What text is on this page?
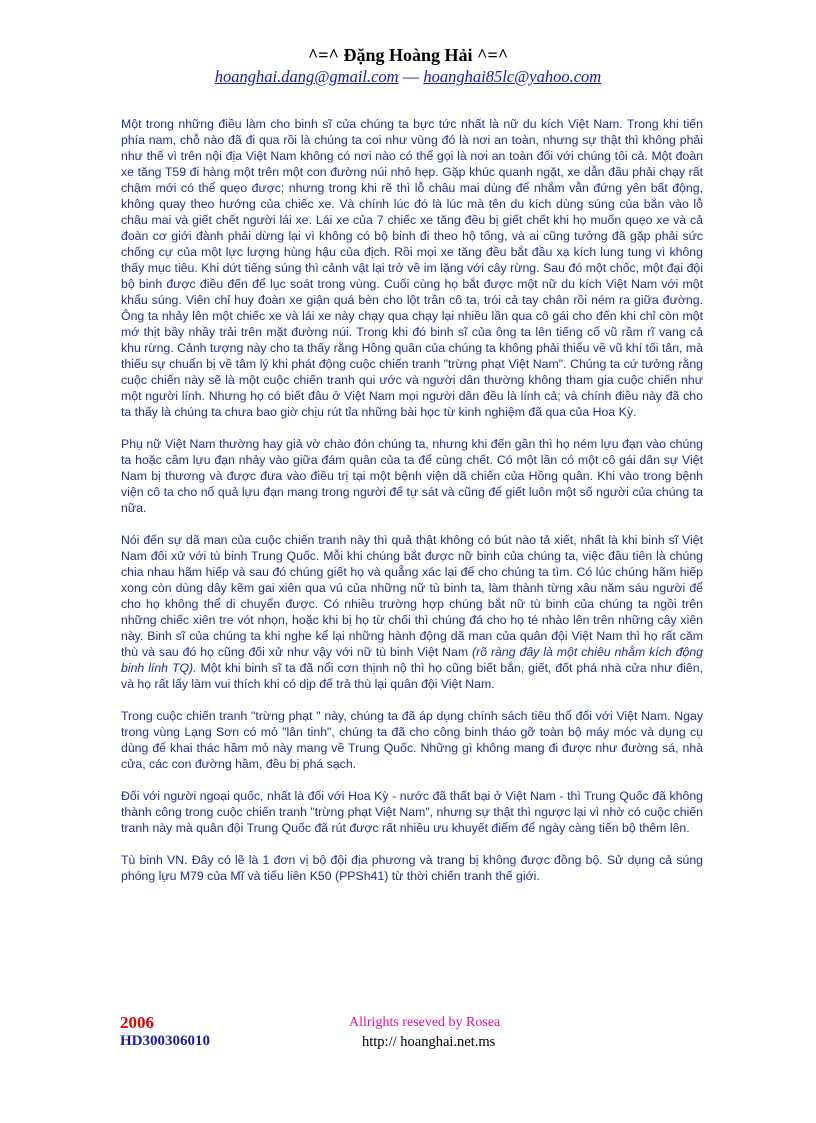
^=^ Đặng Hoàng Hải ^=^
hoanghai.dang@gmail.com — hoanghai85lc@yahoo.com

Một trong những điều làm cho binh sĩ của chúng ta bực tức nhất là nữ du kích Việt Nam. Trong khi tiến phía nam, chỗ nào đã đi qua rồi là chúng ta coi như vùng đó là nơi an toàn, nhưng sự thật thì không phải như thế vì trên nội địa Việt Nam không có nơi nào có thể gọi là nơi an toàn đối với chúng tôi cả. Một đoàn xe tăng T59 đi hàng một trên một con đường núi nhỏ hẹp. Gặp khúc quanh ngặt, xe dẫn đầu phải chạy rất chậm mới có thể quẹo được; nhưng trong khi rẽ thì lỗ châu mai dùng để nhắm vẫn đứng yên bất động, không quay theo hướng của chiếc xe. Và chính lúc đó là lúc mà tên du kích dùng súng của bắn vào lỗ châu mai và giết chết người lái xe. Lái xe của 7 chiếc xe tăng đều bị giết chết khi họ muốn quẹo xe và cả đoàn cơ giới đành phải dừng lại vì không có bộ binh đi theo hộ tống, và ai cũng tưởng đã gặp phải sức chống cự của một lực lượng hùng hậu của địch. Rồi mọi xe tăng đều bắt đầu xạ kích lung tung vì không thấy mục tiêu. Khi dứt tiếng súng thì cảnh vật lại trở về im lặng với cây rừng. Sau đó một chốc, một đại đội bộ binh được điều đến để lục soát trong vùng. Cuối cùng họ bắt được một nữ du kích Việt Nam với một khẩu súng. Viên chỉ huy đoàn xe giận quá bèn cho lột trần cô ta, trói cả tay chân rồi ném ra giữa đường. Ông ta nhảy lên một chiếc xe và lái xe này chạy qua chạy lại nhiều lần qua cô gái cho đến khi chỉ còn một mớ thịt bầy nhầy trải trên mặt đường núi. Trong khi đó binh sĩ của ông ta lên tiếng cổ vũ rầm rĩ vang cả khu rừng. Cảnh tượng này cho ta thấy rằng Hồng quân của chúng ta không phải thiếu về vũ khí tối tân, mà thiếu sự chuẩn bị về tâm lý khi phát động cuộc chiến tranh "trừng phạt Việt Nam". Chúng ta cứ tưởng rằng cuộc chiến này sẽ là một cuộc chiến tranh qui ước và người dân thường không tham gia cuộc chiến như một người lính. Nhưng họ có biết đâu ở Việt Nam mọi người dân đều là lính cả; và chính điều này đã cho ta thấy là chúng ta chưa bao giờ chịu rút tỉa những bài học từ kinh nghiệm đã qua của Hoa Kỳ.

Phụ nữ Việt Nam thường hay giả vờ chào đón chúng ta, nhưng khi đến gần thì họ ném lựu đạn vào chúng ta hoặc cầm lựu đạn nhảy vào giữa đám quân của ta để cùng chết. Có một lần có một cô gái dân sự Việt Nam bị thương và được đưa vào điều trị tại một bệnh viện dã chiến của Hồng quân. Khi vào trong bệnh viện cô ta cho nổ quả lựu đạn mang trong người để tự sát và cũng để giết luôn một số người của chúng ta nữa.

Nói đến sự dã man của cuộc chiến tranh này thì quả thật không có bút nào tả xiết, nhất là khi binh sĩ Việt Nam đối xử với tù binh Trung Quốc. Mỗi khi chúng bắt được nữ binh của chúng ta, việc đầu tiên là chúng chia nhau hãm hiếp và sau đó chúng giết họ và quẳng xác lại để cho chúng ta tìm. Có lúc chúng hãm hiếp xong còn dùng dây kẽm gai xiên qua vú của những nữ tù binh ta, làm thành từng xâu năm sáu người để cho họ không thể di chuyển được. Có nhiều trường hợp chúng bắt nữ tù binh của chúng ta ngồi trên những chiếc xiên tre vót nhọn, hoặc khi bị họ từ chối thì chúng đá cho họ té nhào lên trên những cây xiên này. Binh sĩ của chúng ta khi nghe kể lại những hành động dã man của quân đội Việt Nam thì họ rất căm thù và sau đó họ cũng đối xử như vậy với nữ tù binh Việt Nam (rõ ràng đây là một chiêu nhằm kích động binh lính TQ). Một khi binh sĩ ta đã nổi cơn thịnh nộ thì họ cũng biết bắn, giết, đốt phá nhà cửa như điên, và họ rất lấy làm vui thích khi có dịp để trả thù lại quân đội Việt Nam.

Trong cuộc chiến tranh "trừng phạt " này, chúng ta đã áp dụng chính sách tiêu thổ đối với Việt Nam. Ngay trong vùng Lạng Sơn có mỏ "lân tinh", chúng ta đã cho công binh tháo gỡ toàn bộ máy móc và dụng cụ dùng để khai thác hầm mỏ này mang về Trung Quốc. Những gì không mang đi được như đường sá, nhà cửa, các con đường hầm, đều bị phá sạch.

Đối với người ngoại quốc, nhất là đối với Hoa Kỳ - nước đã thất bại ở Việt Nam - thì Trung Quốc đã không thành công trong cuộc chiến tranh "trừng phạt Việt Nam", nhưng sự thật thì ngược lại vì nhờ có cuộc chiến tranh này mà quân đội Trung Quốc đã rút được rất nhiều ưu khuyết điểm để ngày càng tiến bộ thêm lên.

Tù binh VN. Đây có lẽ là 1 đơn vị bộ đội địa phương và trang bị không được đồng bộ. Sử dụng cả súng phóng lựu M79 của Mĩ và tiểu liên K50 (PPSh41) từ thời chiến tranh thế giới.

2006
HD300306010
Allrights reseved by Rosea
http:// hoanghai.net.ms
